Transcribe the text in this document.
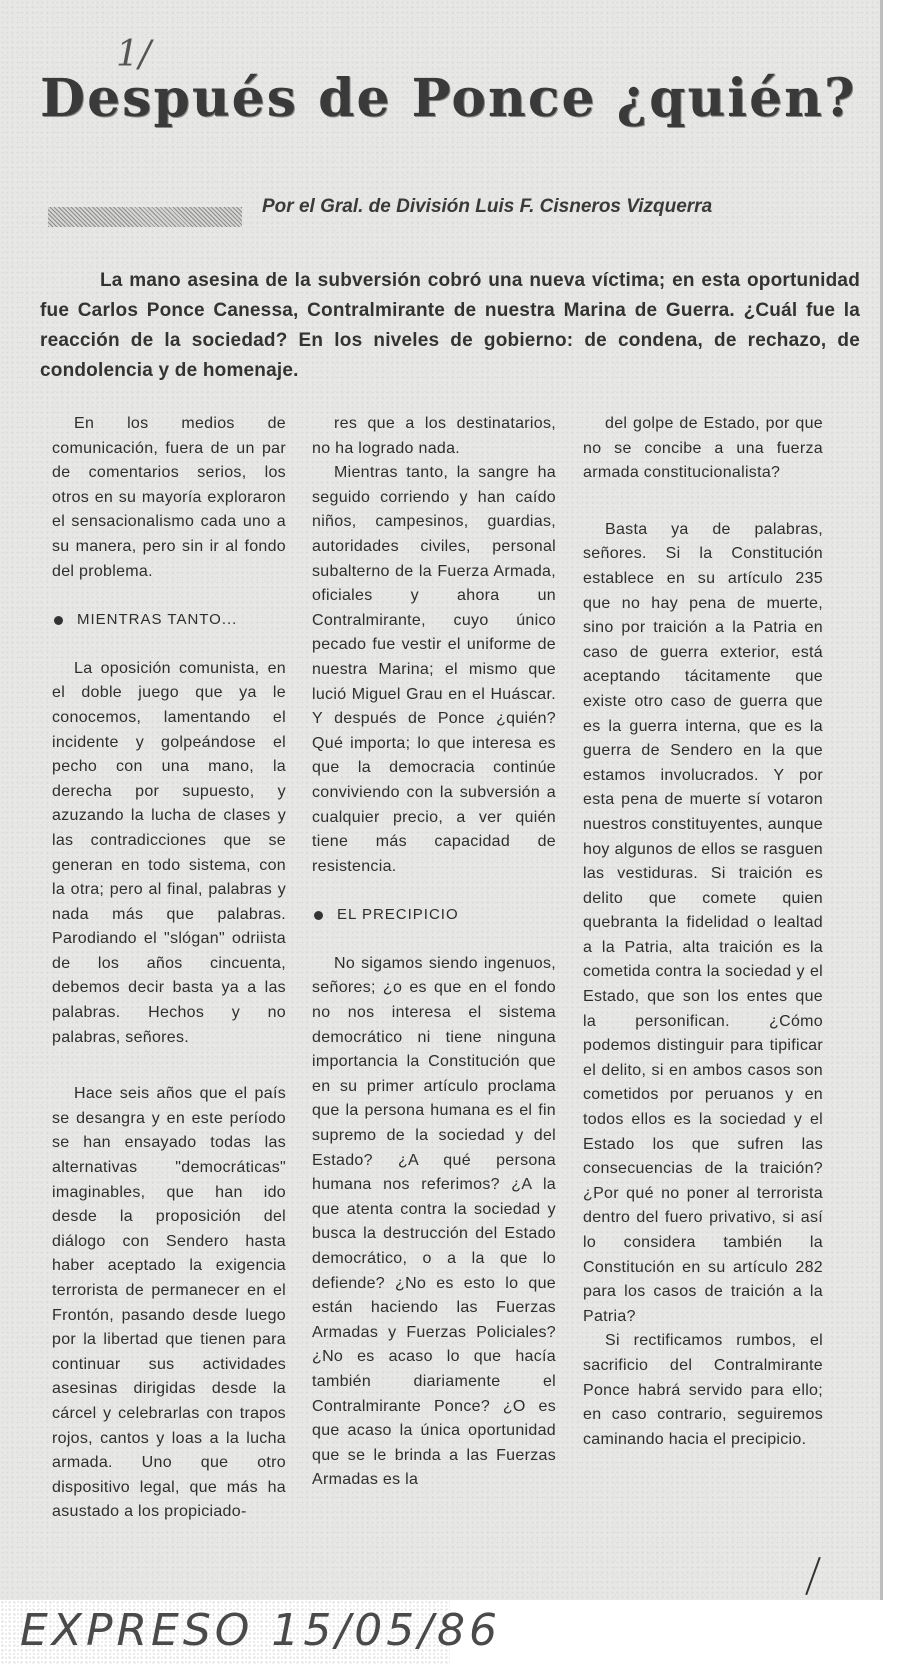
1/
Después de Ponce ¿quién?
Por el Gral. de División Luis F. Cisneros Vizquerra
La mano asesina de la subversión cobró una nueva víctima; en esta oportunidad fue Carlos Ponce Canessa, Contralmirante de nuestra Marina de Guerra. ¿Cuál fue la reacción de la sociedad? En los niveles de gobierno: de condena, de rechazo, de condolencia y de homenaje.

En los medios de comunicación, fuera de un par de comentarios serios, los otros en su mayoría exploraron el sensacionalismo cada uno a su manera, pero sin ir al fondo del problema.

MIENTRAS TANTO...

La oposición comunista, en el doble juego que ya le conocemos, lamentando el incidente y golpeándose el pecho con una mano, la derecha por supuesto, y azuzando la lucha de clases y las contradicciones que se generan en todo sistema, con la otra; pero al final, palabras y nada más que palabras. Parodiando el "slógan" odriista de los años cincuenta, debemos decir basta ya a las palabras. Hechos y no palabras, señores.

Hace seis años que el país se desangra y en este período se han ensayado todas las alternativas "democráticas" imaginables, que han ido desde la proposición del diálogo con Sendero hasta haber aceptado la exigencia terrorista de permanecer en el Frontón, pasando desde luego por la libertad que tienen para continuar sus actividades asesinas dirigidas desde la cárcel y celebrarlas con trapos rojos, cantos y loas a la lucha armada. Uno que otro dispositivo legal, que más ha asustado a los propiciado-

res que a los destinatarios, no ha logrado nada.

Mientras tanto, la sangre ha seguido corriendo y han caído niños, campesinos, guardias, autoridades civiles, personal subalterno de la Fuerza Armada, oficiales y ahora un Contralmirante, cuyo único pecado fue vestir el uniforme de nuestra Marina; el mismo que lució Miguel Grau en el Huáscar. Y después de Ponce ¿quién? Qué importa; lo que interesa es que la democracia continúe conviviendo con la subversión a cualquier precio, a ver quién tiene más capacidad de resistencia.

EL PRECIPICIO

No sigamos siendo ingenuos, señores; ¿o es que en el fondo no nos interesa el sistema democrático ni tiene ninguna importancia la Constitución que en su primer artículo proclama que la persona humana es el fin supremo de la sociedad y del Estado? ¿A qué persona humana nos referimos? ¿A la que atenta contra la sociedad y busca la destrucción del Estado democrático, o a la que lo defiende? ¿No es esto lo que están haciendo las Fuerzas Armadas y Fuerzas Policiales? ¿No es acaso lo que hacía también diariamente el Contralmirante Ponce? ¿O es que acaso la única oportunidad que se le brinda a las Fuerzas Armadas es la

del golpe de Estado, por que no se concibe a una fuerza armada constitucionalista?

Basta ya de palabras, señores. Si la Constitución establece en su artículo 235 que no hay pena de muerte, sino por traición a la Patria en caso de guerra exterior, está aceptando tácitamente que existe otro caso de guerra que es la guerra interna, que es la guerra de Sendero en la que estamos involucrados. Y por esta pena de muerte sí votaron nuestros constituyentes, aunque hoy algunos de ellos se rasguen las vestiduras. Si traición es delito que comete quien quebranta la fidelidad o lealtad a la Patria, alta traición es la cometida contra la sociedad y el Estado, que son los entes que la personifican. ¿Cómo podemos distinguir para tipificar el delito, si en ambos casos son cometidos por peruanos y en todos ellos es la sociedad y el Estado los que sufren las consecuencias de la traición? ¿Por qué no poner al terrorista dentro del fuero privativo, si así lo considera también la Constitución en su artículo 282 para los casos de traición a la Patria?

Si rectificamos rumbos, el sacrificio del Contralmirante Ponce habrá servido para ello; en caso contrario, seguiremos caminando hacia el precipicio.

EXPRESO 15/05/86
